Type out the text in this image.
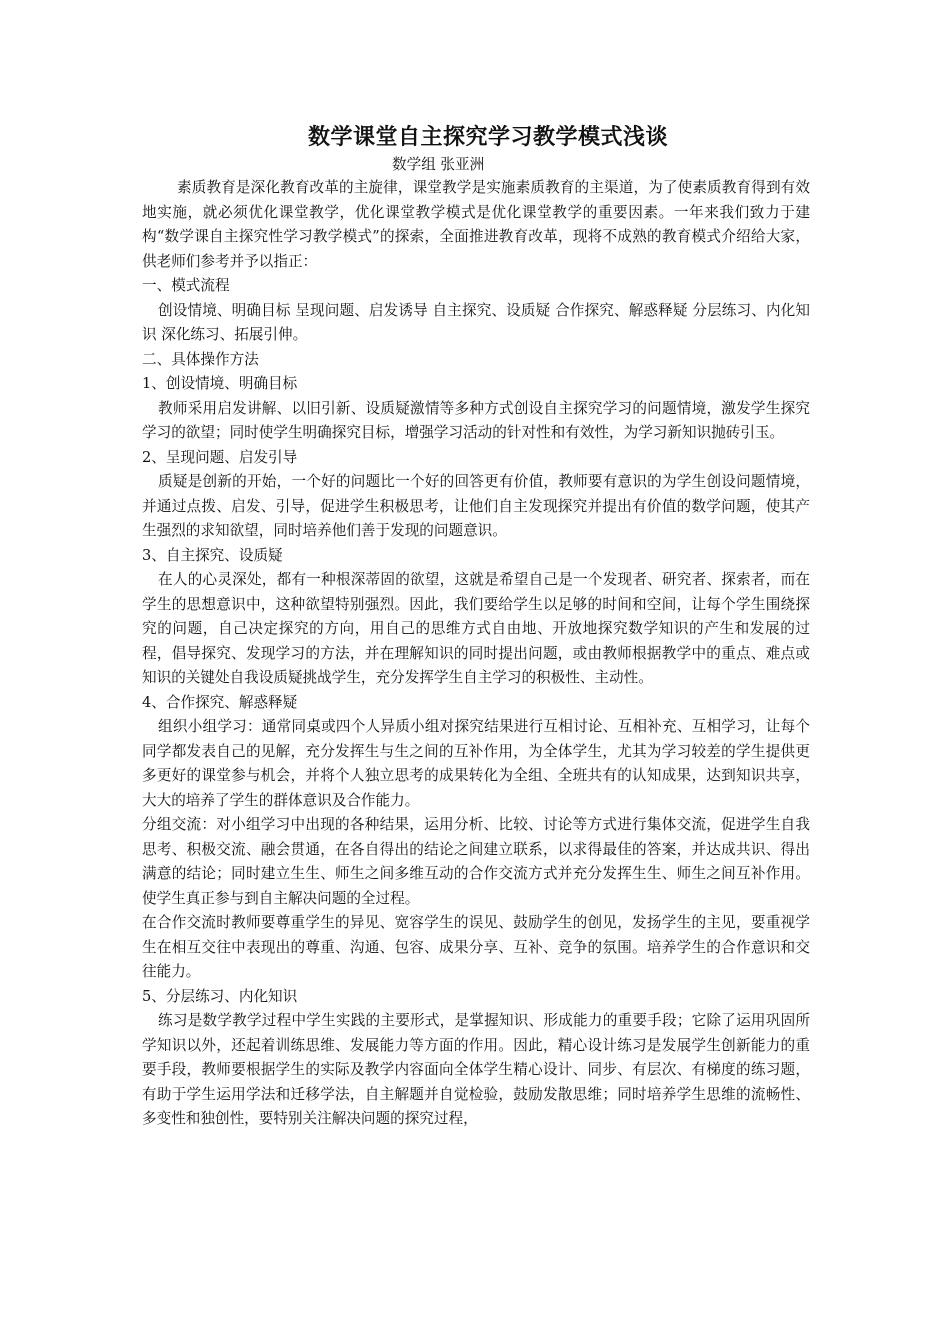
数学课堂自主探究学习教学模式浅谈
数学组 张亚洲

素质教育是深化教育改革的主旋律，课堂教学是实施素质教育的主渠道，为了使素质教育得到有效地实施，就必须优化课堂教学，优化课堂教学模式是优化课堂教学的重要因素。一年来我们致力于建构“数学课自主探究性学习教学模式”的探索，全面推进教育改革，现将不成熟的教育模式介绍给大家，供老师们参考并予以指正：

一、模式流程

创设情境、明确目标 呈现问题、启发诱导 自主探究、设质疑 合作探究、解惑释疑 分层练习、内化知识 深化练习、拓展引伸。

二、具体操作方法
1、创设情境、明确目标

教师采用启发讲解、以旧引新、设质疑激情等多种方式创设自主探究学习的问题情境，激发学生探究学习的欲望；同时使学生明确探究目标，增强学习活动的针对性和有效性，为学习新知识抛砖引玉。

2、呈现问题、启发引导

质疑是创新的开始，一个好的问题比一个好的回答更有价值，教师要有意识的为学生创设问题情境，并通过点拨、启发、引导，促进学生积极思考，让他们自主发现探究并提出有价值的数学问题，使其产生强烈的求知欲望，同时培养他们善于发现的问题意识。

3、自主探究、设质疑

在人的心灵深处，都有一种根深蒂固的欲望，这就是希望自己是一个发现者、研究者、探索者，而在学生的思想意识中，这种欲望特别强烈。因此，我们要给学生以足够的时间和空间，让每个学生围绕探究的问题，自己决定探究的方向，用自己的思维方式自由地、开放地探究数学知识的产生和发展的过程，倡导探究、发现学习的方法，并在理解知识的同时提出问题，或由教师根据教学中的重点、难点或知识的关键处自我设质疑挑战学生，充分发挥学生自主学习的积极性、主动性。

4、合作探究、解惑释疑

组织小组学习：通常同桌或四个人异质小组对探究结果进行互相讨论、互相补充、互相学习，让每个同学都发表自己的见解，充分发挥生与生之间的互补作用，为全体学生，尤其为学习较差的学生提供更多更好的课堂参与机会，并将个人独立思考的成果转化为全组、全班共有的认知成果，达到知识共享，大大的培养了学生的群体意识及合作能力。

分组交流：对小组学习中出现的各种结果，运用分析、比较、讨论等方式进行集体交流，促进学生自我思考、积极交流、融会贯通，在各自得出的结论之间建立联系，以求得最佳的答案，并达成共识、得出满意的结论；同时建立生生、师生之间多维互动的合作交流方式并充分发挥生生、师生之间互补作用。使学生真正参与到自主解决问题的全过程。

在合作交流时教师要尊重学生的异见、宽容学生的误见、鼓励学生的创见，发扬学生的主见，要重视学生在相互交往中表现出的尊重、沟通、包容、成果分享、互补、竞争的氛围。培养学生的合作意识和交往能力。

5、分层练习、内化知识

练习是数学教学过程中学生实践的主要形式，是掌握知识、形成能力的重要手段；它除了运用巩固所学知识以外，还起着训练思维、发展能力等方面的作用。因此，精心设计练习是发展学生创新能力的重要手段，教师要根据学生的实际及教学内容面向全体学生精心设计、同步、有层次、有梯度的练习题，有助于学生运用学法和迁移学法，自主解题并自觉检验，鼓励发散思维；同时培养学生思维的流畅性、多变性和独创性，要特别关注解决问题的探究过程，
